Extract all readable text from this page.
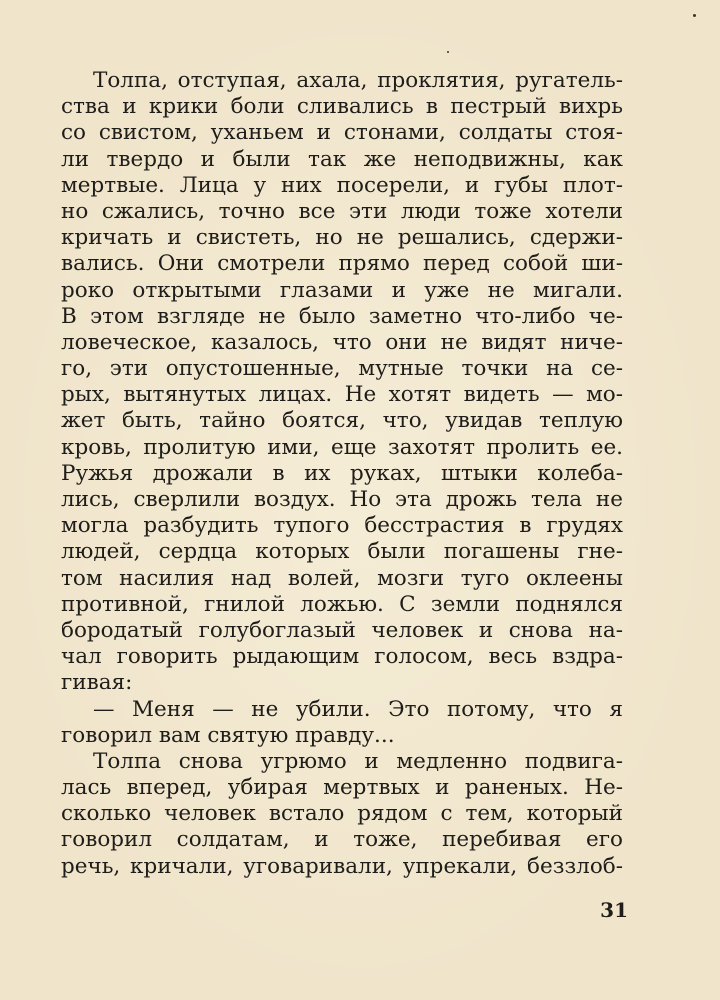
Толпа, отступая, ахала, проклятия, ругатель-
ства и крики боли сливались в пестрый вихрь
со свистом, уханьем и стонами, солдаты стоя-
ли твердо и были так же неподвижны, как
мертвые. Лица у них посерели, и губы плот-
но сжались, точно все эти люди тоже хотели
кричать и свистеть, но не решались, сдержи-
вались. Они смотрели прямо перед собой ши-
роко открытыми глазами и уже не мигали.
В этом взгляде не было заметно что-либо че-
ловеческое, казалось, что они не видят ниче-
го, эти опустошенные, мутные точки на се-
рых, вытянутых лицах. Не хотят видеть — мо-
жет быть, тайно боятся, что, увидав теплую
кровь, пролитую ими, еще захотят пролить ее.
Ружья дрожали в их руках, штыки колеба-
лись, сверлили воздух. Но эта дрожь тела не
могла разбудить тупого бесстрастия в грудях
людей, сердца которых были погашены гне-
том насилия над волей, мозги туго оклеены
противной, гнилой ложью. С земли поднялся
бородатый голубоглазый человек и снова на-
чал говорить рыдающим голосом, весь вздра-
гивая:
— Меня — не убили. Это потому, что я
говорил вам святую правду...
Толпа снова угрюмо и медленно подвига-
лась вперед, убирая мертвых и раненых. Не-
сколько человек встало рядом с тем, который
говорил солдатам, и тоже, перебивая его
речь, кричали, уговаривали, упрекали, беззлоб-
31
